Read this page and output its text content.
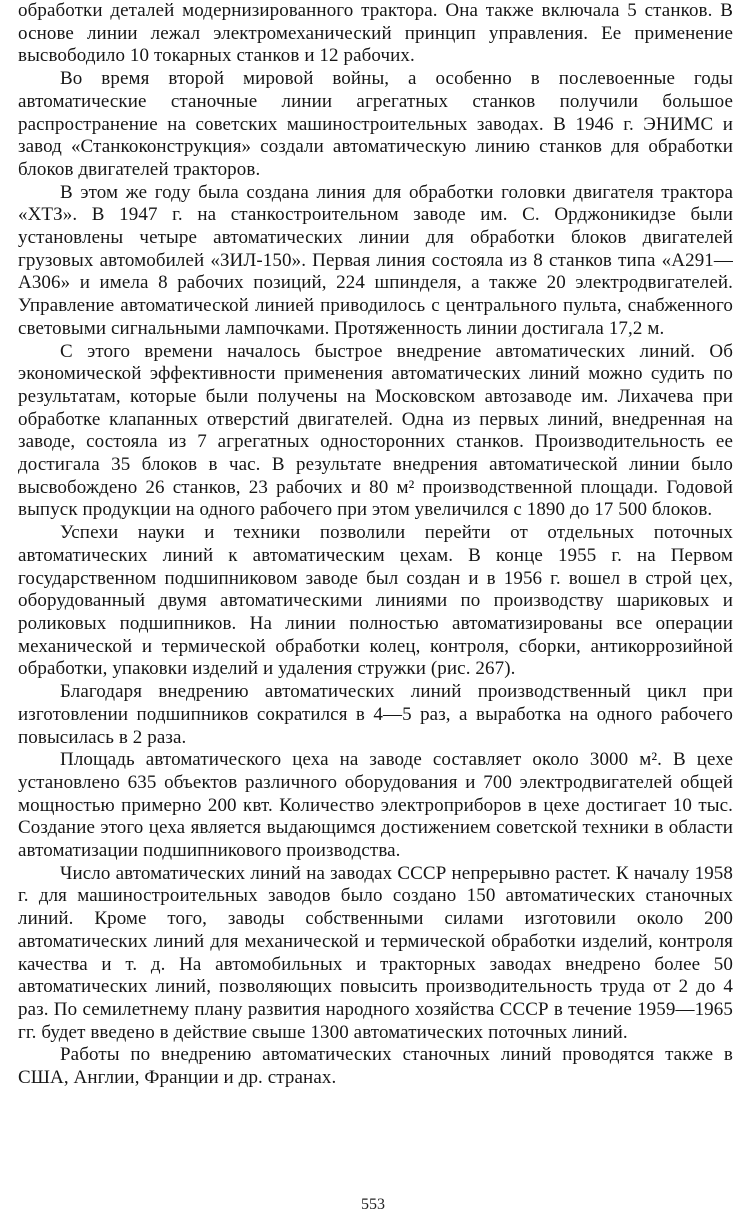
обработки деталей модернизированного трактора. Она также включала 5 станков. В основе линии лежал электромеханический принцип управления. Ее применение высвободило 10 токарных станков и 12 рабочих.

Во время второй мировой войны, а особенно в послевоенные годы автоматические станочные линии агрегатных станков получили большое распространение на советских машиностроительных заводах. В 1946 г. ЭНИМС и завод «Станкоконструкция» создали автоматическую линию станков для обработки блоков двигателей тракторов.

В этом же году была создана линия для обработки головки двигателя трактора «ХТЗ». В 1947 г. на станкостроительном заводе им. С. Орджоникидзе были установлены четыре автоматических линии для обработки блоков двигателей грузовых автомобилей «ЗИЛ-150». Первая линия состояла из 8 станков типа «А291—А306» и имела 8 рабочих позиций, 224 шпинделя, а также 20 электродвигателей. Управление автоматической линией приводилось с центрального пульта, снабженного световыми сигнальными лампочками. Протяженность линии достигала 17,2 м.

С этого времени началось быстрое внедрение автоматических линий. Об экономической эффективности применения автоматических линий можно судить по результатам, которые были получены на Московском автозаводе им. Лихачева при обработке клапанных отверстий двигателей. Одна из первых линий, внедренная на заводе, состояла из 7 агрегатных односторонних станков. Производительность ее достигала 35 блоков в час. В результате внедрения автоматической линии было высвобождено 26 станков, 23 рабочих и 80 м² производственной площади. Годовой выпуск продукции на одного рабочего при этом увеличился с 1890 до 17 500 блоков.

Успехи науки и техники позволили перейти от отдельных поточных автоматических линий к автоматическим цехам. В конце 1955 г. на Первом государственном подшипниковом заводе был создан и в 1956 г. вошел в строй цех, оборудованный двумя автоматическими линиями по производству шариковых и роликовых подшипников. На линии полностью автоматизированы все операции механической и термической обработки колец, контроля, сборки, антикоррозийной обработки, упаковки изделий и удаления стружки (рис. 267).

Благодаря внедрению автоматических линий производственный цикл при изготовлении подшипников сократился в 4—5 раз, а выработка на одного рабочего повысилась в 2 раза.

Площадь автоматического цеха на заводе составляет около 3000 м². В цехе установлено 635 объектов различного оборудования и 700 электродвигателей общей мощностью примерно 200 квт. Количество электроприборов в цехе достигает 10 тыс. Создание этого цеха является выдающимся достижением советской техники в области автоматизации подшипникового производства.

Число автоматических линий на заводах СССР непрерывно растет. К началу 1958 г. для машиностроительных заводов было создано 150 автоматических станочных линий. Кроме того, заводы собственными силами изготовили около 200 автоматических линий для механической и термической обработки изделий, контроля качества и т. д. На автомобильных и тракторных заводах внедрено более 50 автоматических линий, позволяющих повысить производительность труда от 2 до 4 раз. По семилетнему плану развития народного хозяйства СССР в течение 1959—1965 гг. будет введено в действие свыше 1300 автоматических поточных линий.

Работы по внедрению автоматических станочных линий проводятся также в США, Англии, Франции и др. странах.

553
